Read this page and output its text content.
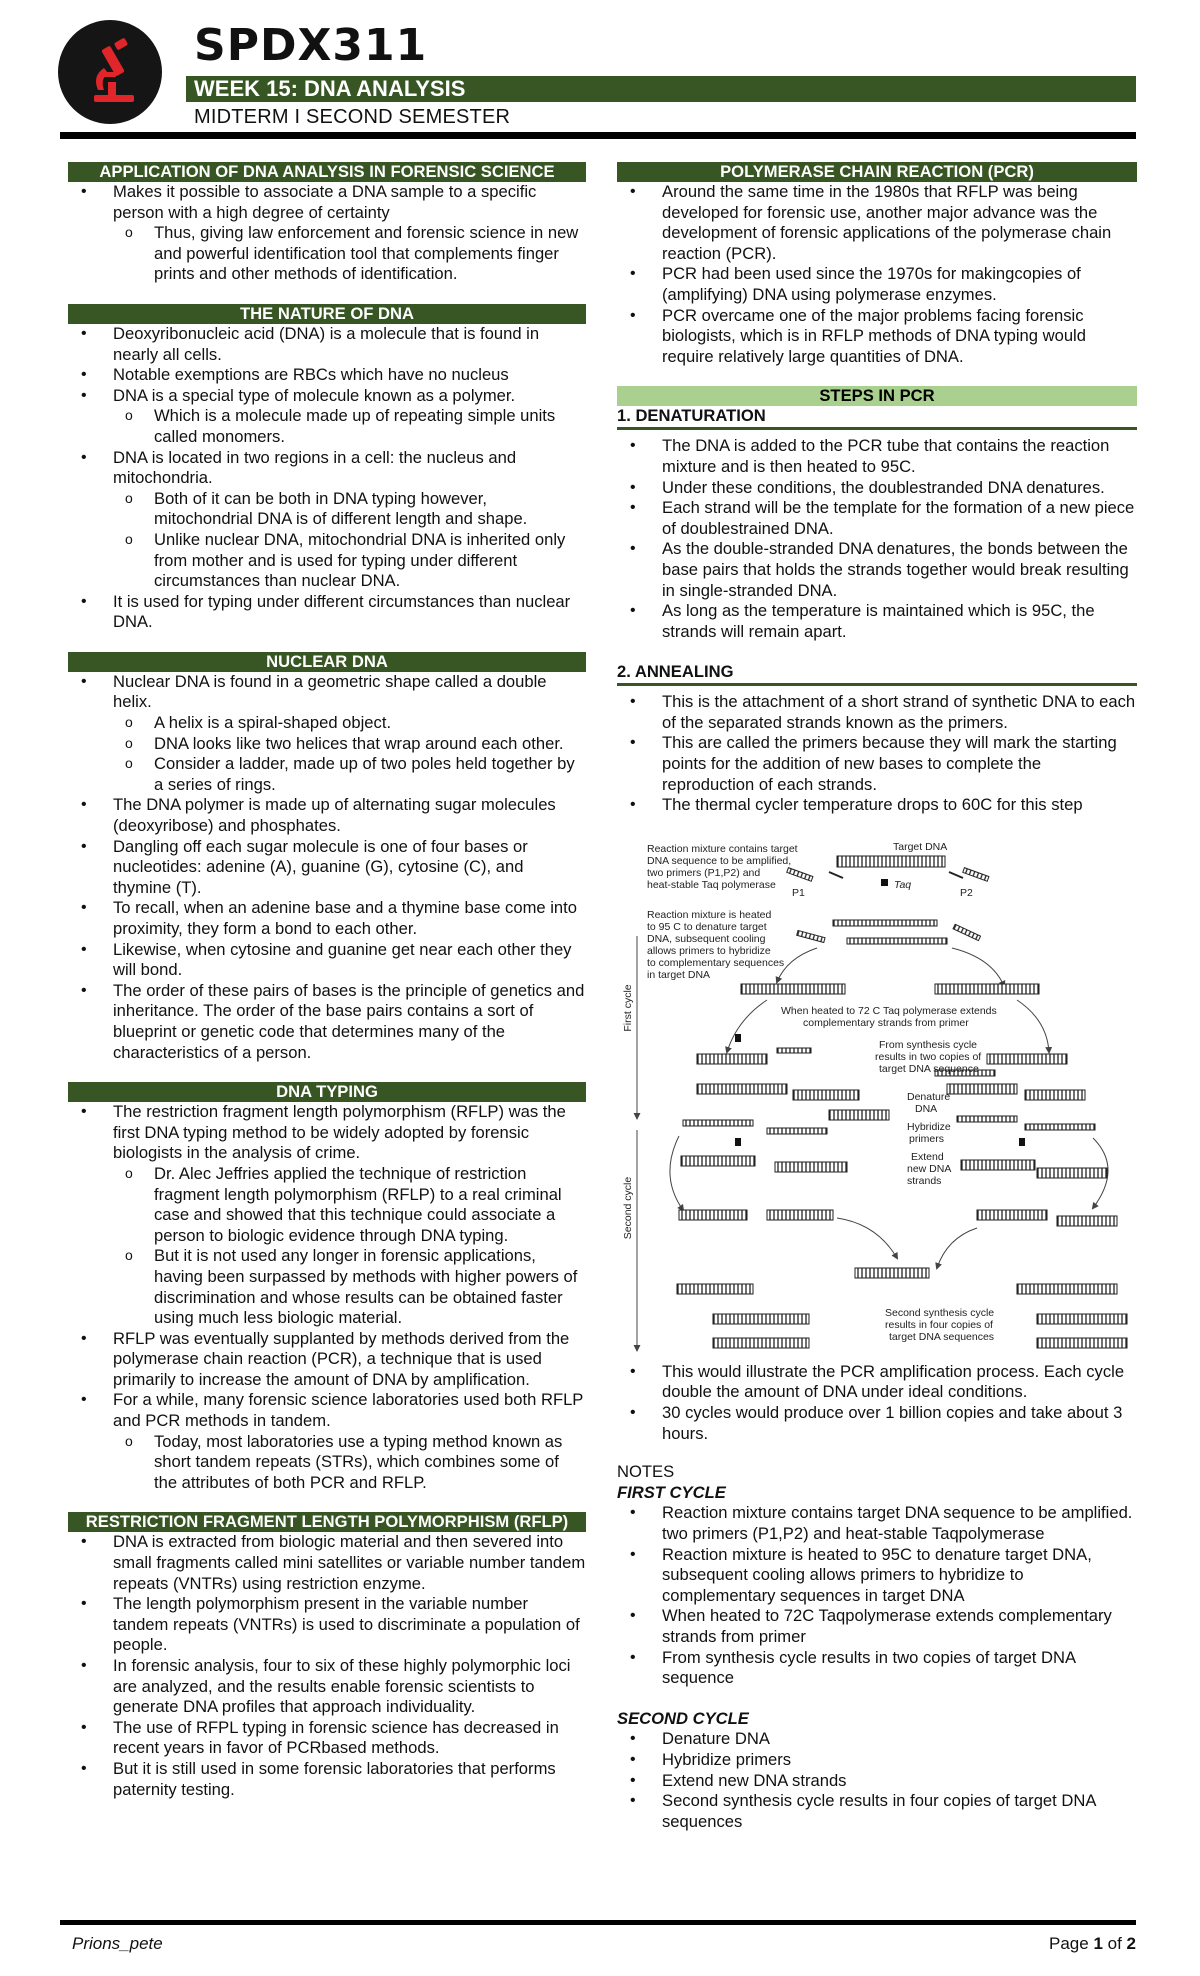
SPDX311
WEEK 15: DNA ANALYSIS
MIDTERM I SECOND SEMESTER
APPLICATION OF DNA ANALYSIS IN FORENSIC SCIENCE
• Makes it possible to associate a DNA sample to a specific person with a high degree of certainty
o Thus, giving law enforcement and forensic science in new and powerful identification tool that complements finger prints and other methods of identification.
THE NATURE OF DNA
• Deoxyribonucleic acid (DNA) is a molecule that is found in nearly all cells.
• Notable exemptions are RBCs which have no nucleus
• DNA is a special type of molecule known as a polymer.
o Which is a molecule made up of repeating simple units called monomers.
• DNA is located in two regions in a cell: the nucleus and mitochondria.
o Both of it can be both in DNA typing however, mitochondrial DNA is of different length and shape.
o Unlike nuclear DNA, mitochondrial DNA is inherited only from mother and is used for typing under different circumstances than nuclear DNA.
• It is used for typing under different circumstances than nuclear DNA.
NUCLEAR DNA
• Nuclear DNA is found in a geometric shape called a double helix.
o A helix is a spiral-shaped object.
o DNA looks like two helices that wrap around each other.
o Consider a ladder, made up of two poles held together by a series of rings.
• The DNA polymer is made up of alternating sugar molecules (deoxyribose) and phosphates.
• Dangling off each sugar molecule is one of four bases or nucleotides: adenine (A), guanine (G), cytosine (C), and thymine (T).
• To recall, when an adenine base and a thymine base come into proximity, they form a bond to each other.
• Likewise, when cytosine and guanine get near each other they will bond.
• The order of these pairs of bases is the principle of genetics and inheritance. The order of the base pairs contains a sort of blueprint or genetic code that determines many of the characteristics of a person.
DNA TYPING
• The restriction fragment length polymorphism (RFLP) was the first DNA typing method to be widely adopted by forensic biologists in the analysis of crime.
o Dr. Alec Jeffries applied the technique of restriction fragment length polymorphism (RFLP) to a real criminal case and showed that this technique could associate a person to biologic evidence through DNA typing.
o But it is not used any longer in forensic applications, having been surpassed by methods with higher powers of discrimination and whose results can be obtained faster using much less biologic material.
• RFLP was eventually supplanted by methods derived from the polymerase chain reaction (PCR), a technique that is used primarily to increase the amount of DNA by amplification.
• For a while, many forensic science laboratories used both RFLP and PCR methods in tandem.
o Today, most laboratories use a typing method known as short tandem repeats (STRs), which combines some of the attributes of both PCR and RFLP.
RESTRICTION FRAGMENT LENGTH POLYMORPHISM (RFLP)
• DNA is extracted from biologic material and then severed into small fragments called mini satellites or variable number tandem repeats (VNTRs) using restriction enzyme.
• The length polymorphism present in the variable number tandem repeats (VNTRs) is used to discriminate a population of people.
• In forensic analysis, four to six of these highly polymorphic loci are analyzed, and the results enable forensic scientists to generate DNA profiles that approach individuality.
• The use of RFPL typing in forensic science has decreased in recent years in favor of PCRbased methods.
• But it is still used in some forensic laboratories that performs paternity testing.
POLYMERASE CHAIN REACTION (PCR)
• Around the same time in the 1980s that RFLP was being developed for forensic use, another major advance was the development of forensic applications of the polymerase chain reaction (PCR).
• PCR had been used since the 1970s for makingcopies of (amplifying) DNA using polymerase enzymes.
• PCR overcame one of the major problems facing forensic biologists, which is in RFLP methods of DNA typing would require relatively large quantities of DNA.
STEPS IN PCR
1. DENATURATION
• The DNA is added to the PCR tube that contains the reaction mixture and is then heated to 95C.
• Under these conditions, the doublestranded DNA denatures.
• Each strand will be the template for the formation of a new piece of doublestrained DNA.
• As the double-stranded DNA denatures, the bonds between the base pairs that holds the strands together would break resulting in single-stranded DNA.
• As long as the temperature is maintained which is 95C, the strands will remain apart.
2. ANNEALING
• This is the attachment of a short strand of synthetic DNA to each of the separated strands known as the primers.
• This are called the primers because they will mark the starting points for the addition of new bases to complete the reproduction of each strands.
• The thermal cycler temperature drops to 60C for this step
Reaction mixture contains target
DNA sequence to be amplified,
two primers (P1,P2) and
heat-stable Taq polymerase
Reaction mixture is heated
to 95 C to denature target
DNA, subsequent cooling
allows primers to hybridize
to complementary sequences
in target DNA
First cycle
Second cycle
Target DNA
P1	P2
Taq
When heated to 72 C Taq polymerase extends
complementary strands from primer
From synthesis cycle
results in two copies of
target DNA sequence
Denature
DNA
Hybridize
primers
Extend
new DNA
strands
Second synthesis cycle
results in four copies of
target DNA sequences
• This would illustrate the PCR amplification process. Each cycle double the amount of DNA under ideal conditions.
• 30 cycles would produce over 1 billion copies and take about 3 hours.
NOTES
FIRST CYCLE
• Reaction mixture contains target DNA sequence to be amplified. two primers (P1,P2) and heat-stable Taqpolymerase
• Reaction mixture is heated to 95C to denature target DNA, subsequent cooling allows primers to hybridize to complementary sequences in target DNA
• When heated to 72C Taqpolymerase extends complementary strands from primer
• From synthesis cycle results in two copies of target DNA sequence
SECOND CYCLE
• Denature DNA
• Hybridize primers
• Extend new DNA strands
• Second synthesis cycle results in four copies of target DNA sequences
Prions_pete	Page 1 of 2
